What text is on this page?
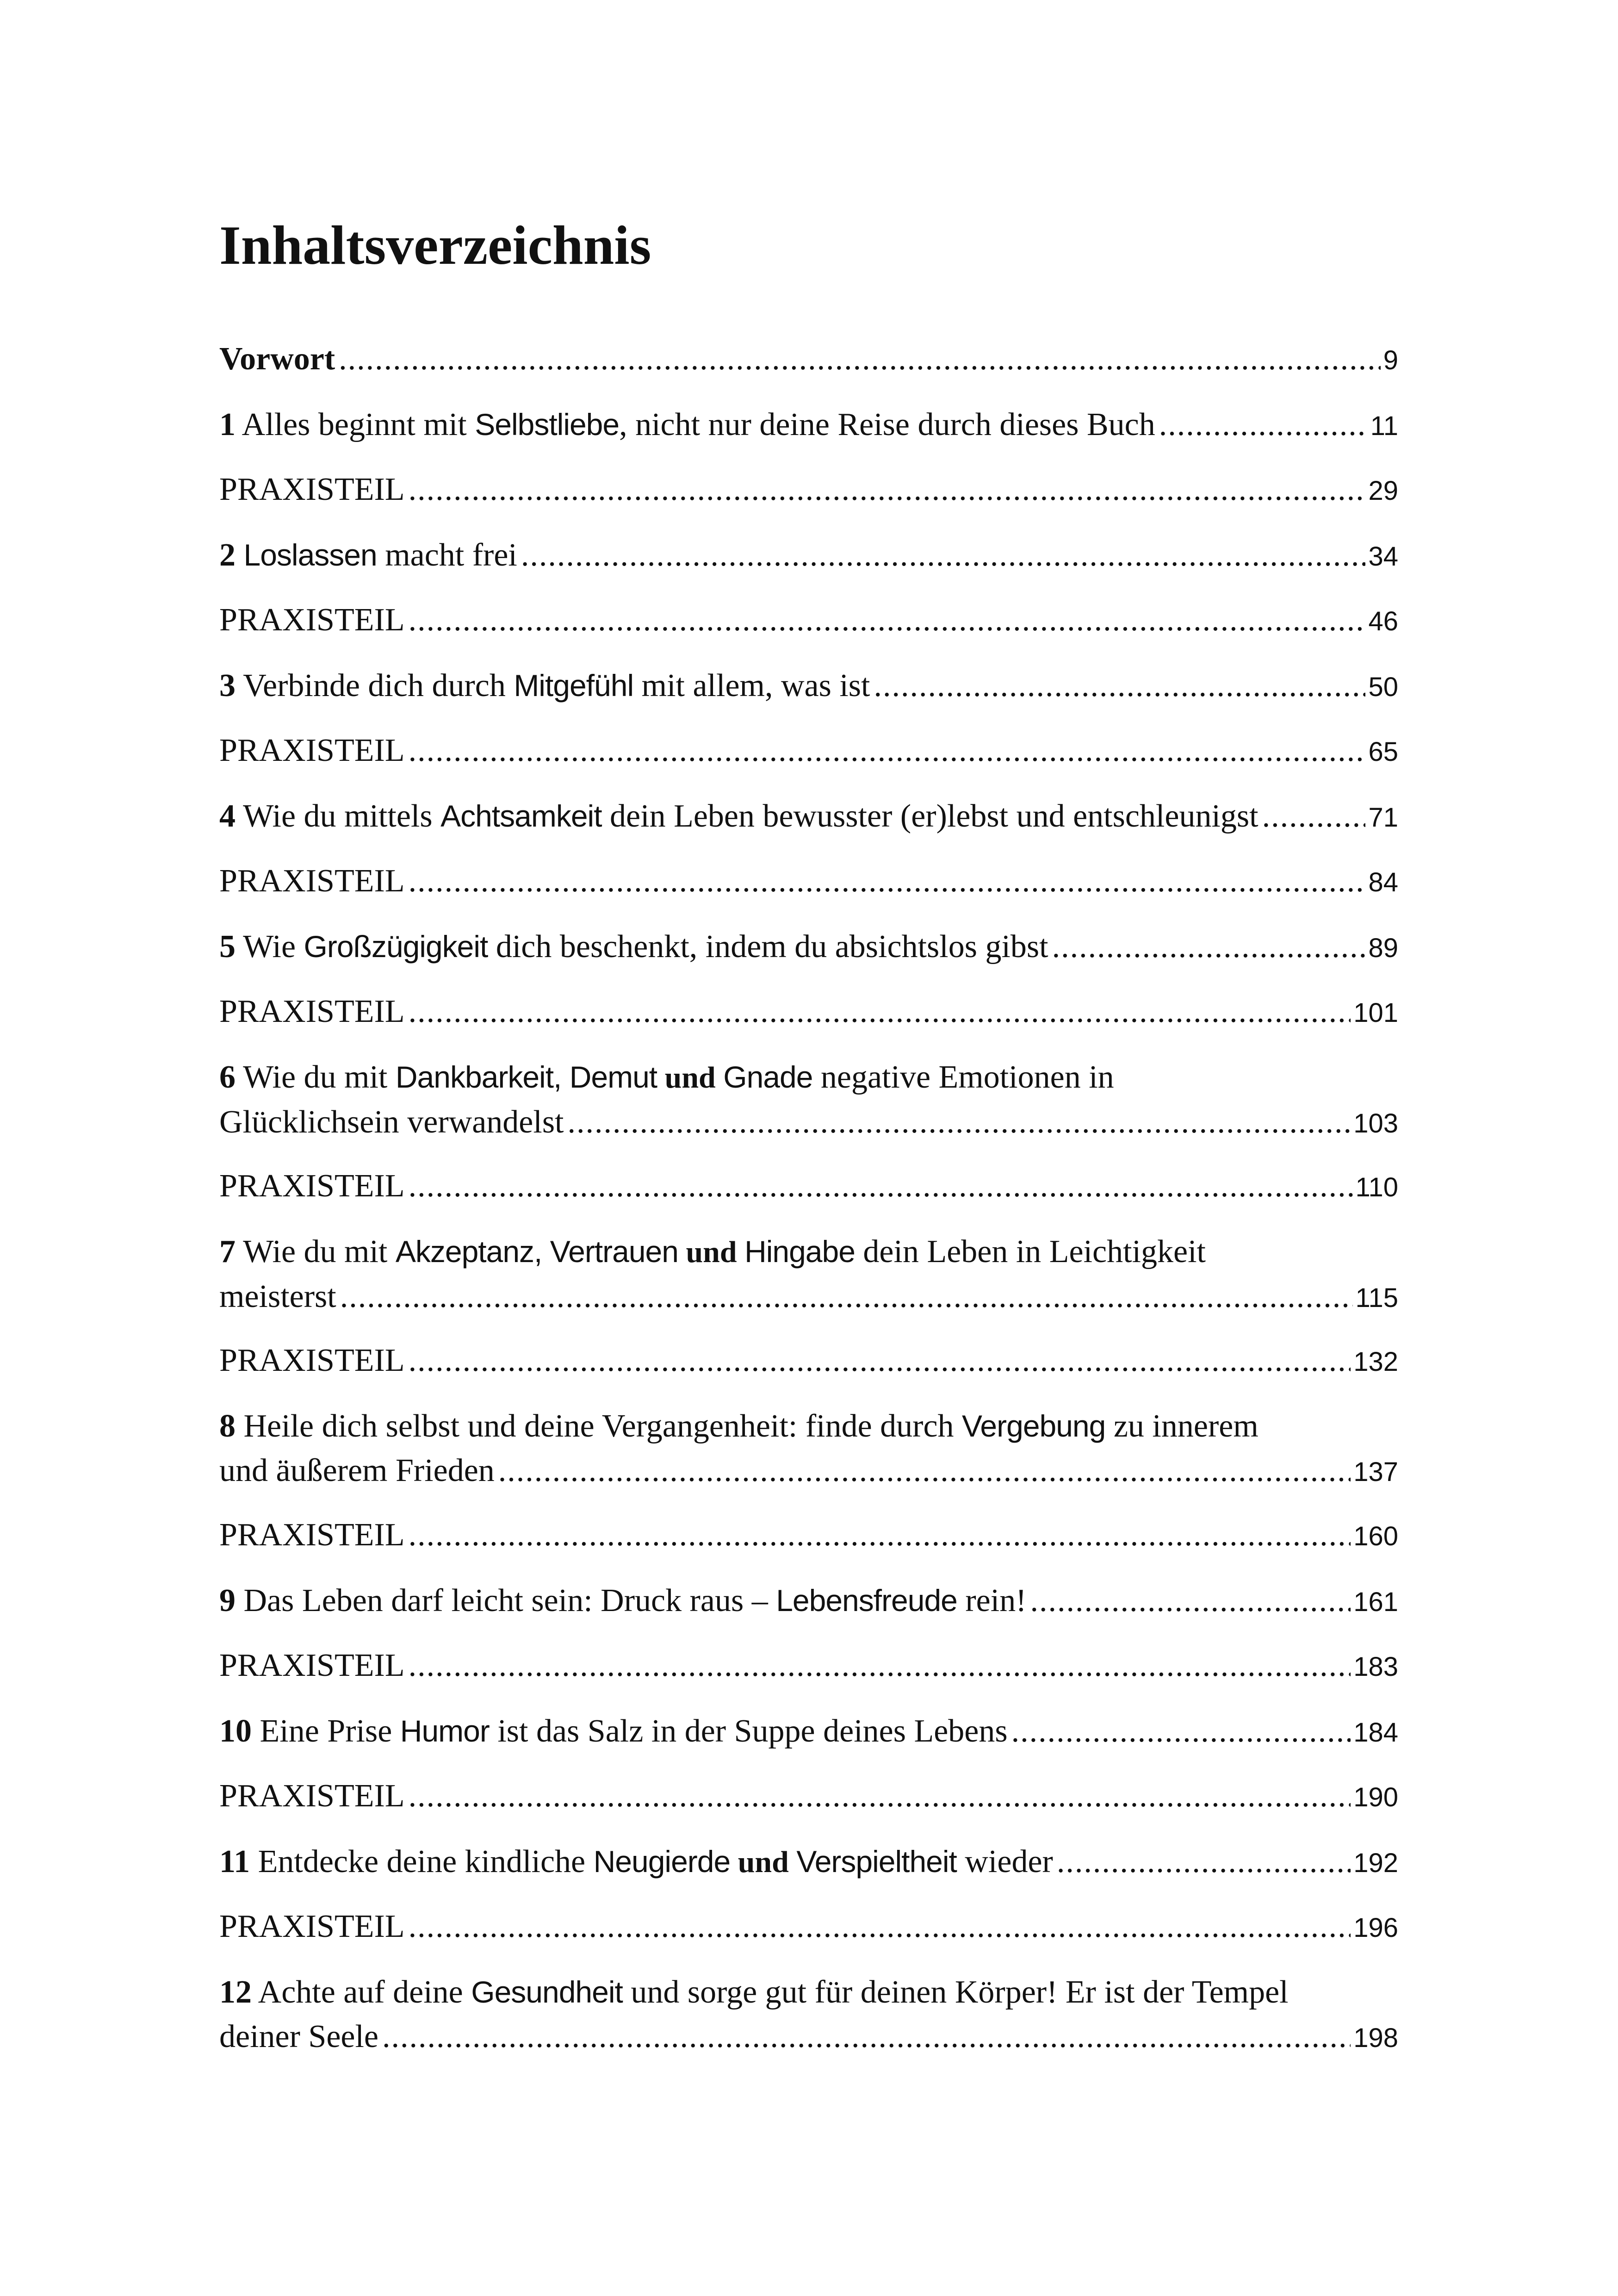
Inhaltsverzeichnis
Vorwort .....	9
1 Alles beginnt mit Selbstliebe, nicht nur deine Reise durch dieses Buch .....	11
PRAXISTEIL .....	29
2 Loslassen macht frei .....	34
PRAXISTEIL .....	46
3 Verbinde dich durch Mitgefühl mit allem, was ist .....	50
PRAXISTEIL .....	65
4 Wie du mittels Achtsamkeit dein Leben bewusster (er)lebst und entschleunigst .....	71
PRAXISTEIL .....	84
5 Wie Großzügigkeit dich beschenkt, indem du absichtslos gibst .....	89
PRAXISTEIL .....	101
6 Wie du mit Dankbarkeit, Demut und Gnade negative Emotionen in
Glücklichsein verwandelst .....	103
PRAXISTEIL .....	110
7 Wie du mit Akzeptanz, Vertrauen und Hingabe dein Leben in Leichtigkeit
meisterst .....	115
PRAXISTEIL .....	132
8 Heile dich selbst und deine Vergangenheit: finde durch Vergebung zu innerem
und äußerem Frieden .....	137
PRAXISTEIL .....	160
9 Das Leben darf leicht sein: Druck raus – Lebensfreude rein! .....	161
PRAXISTEIL .....	183
10 Eine Prise Humor ist das Salz in der Suppe deines Lebens .....	184
PRAXISTEIL .....	190
11 Entdecke deine kindliche Neugierde und Verspieltheit wieder .....	192
PRAXISTEIL .....	196
12 Achte auf deine Gesundheit und sorge gut für deinen Körper! Er ist der Tempel
deiner Seele .....	198
